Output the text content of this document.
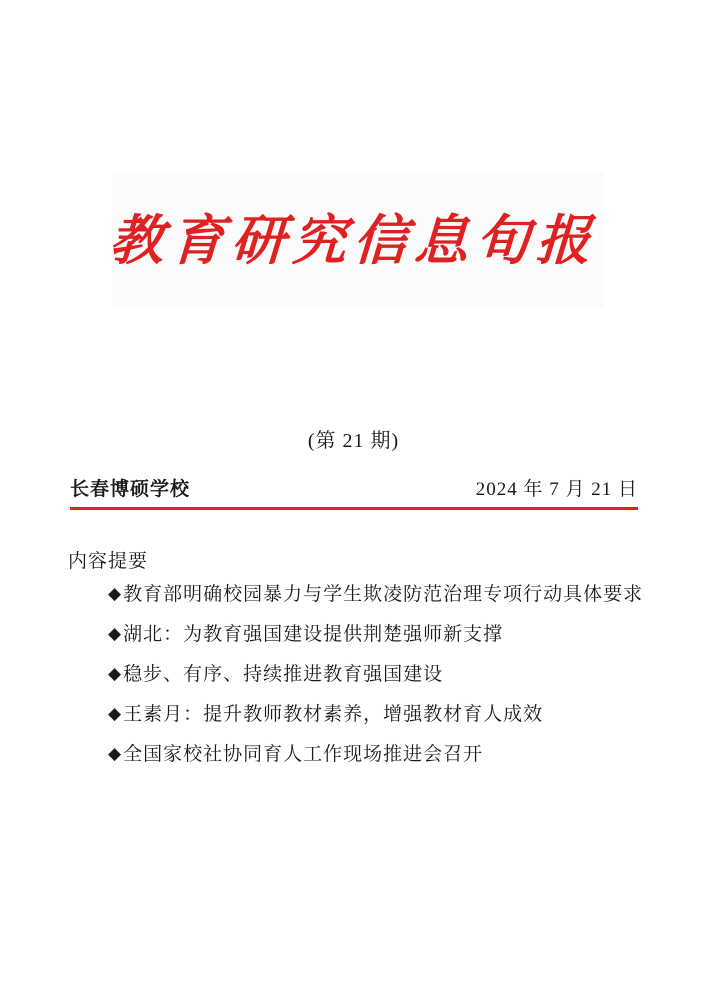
教育研究信息旬报
(第 21 期)
长春博硕学校	2024 年 7 月 21 日
内容提要
◆教育部明确校园暴力与学生欺凌防范治理专项行动具体要求
◆湖北：为教育强国建设提供荆楚强师新支撑
◆稳步、有序、持续推进教育强国建设
◆王素月：提升教师教材素养，增强教材育人成效
◆全国家校社协同育人工作现场推进会召开
